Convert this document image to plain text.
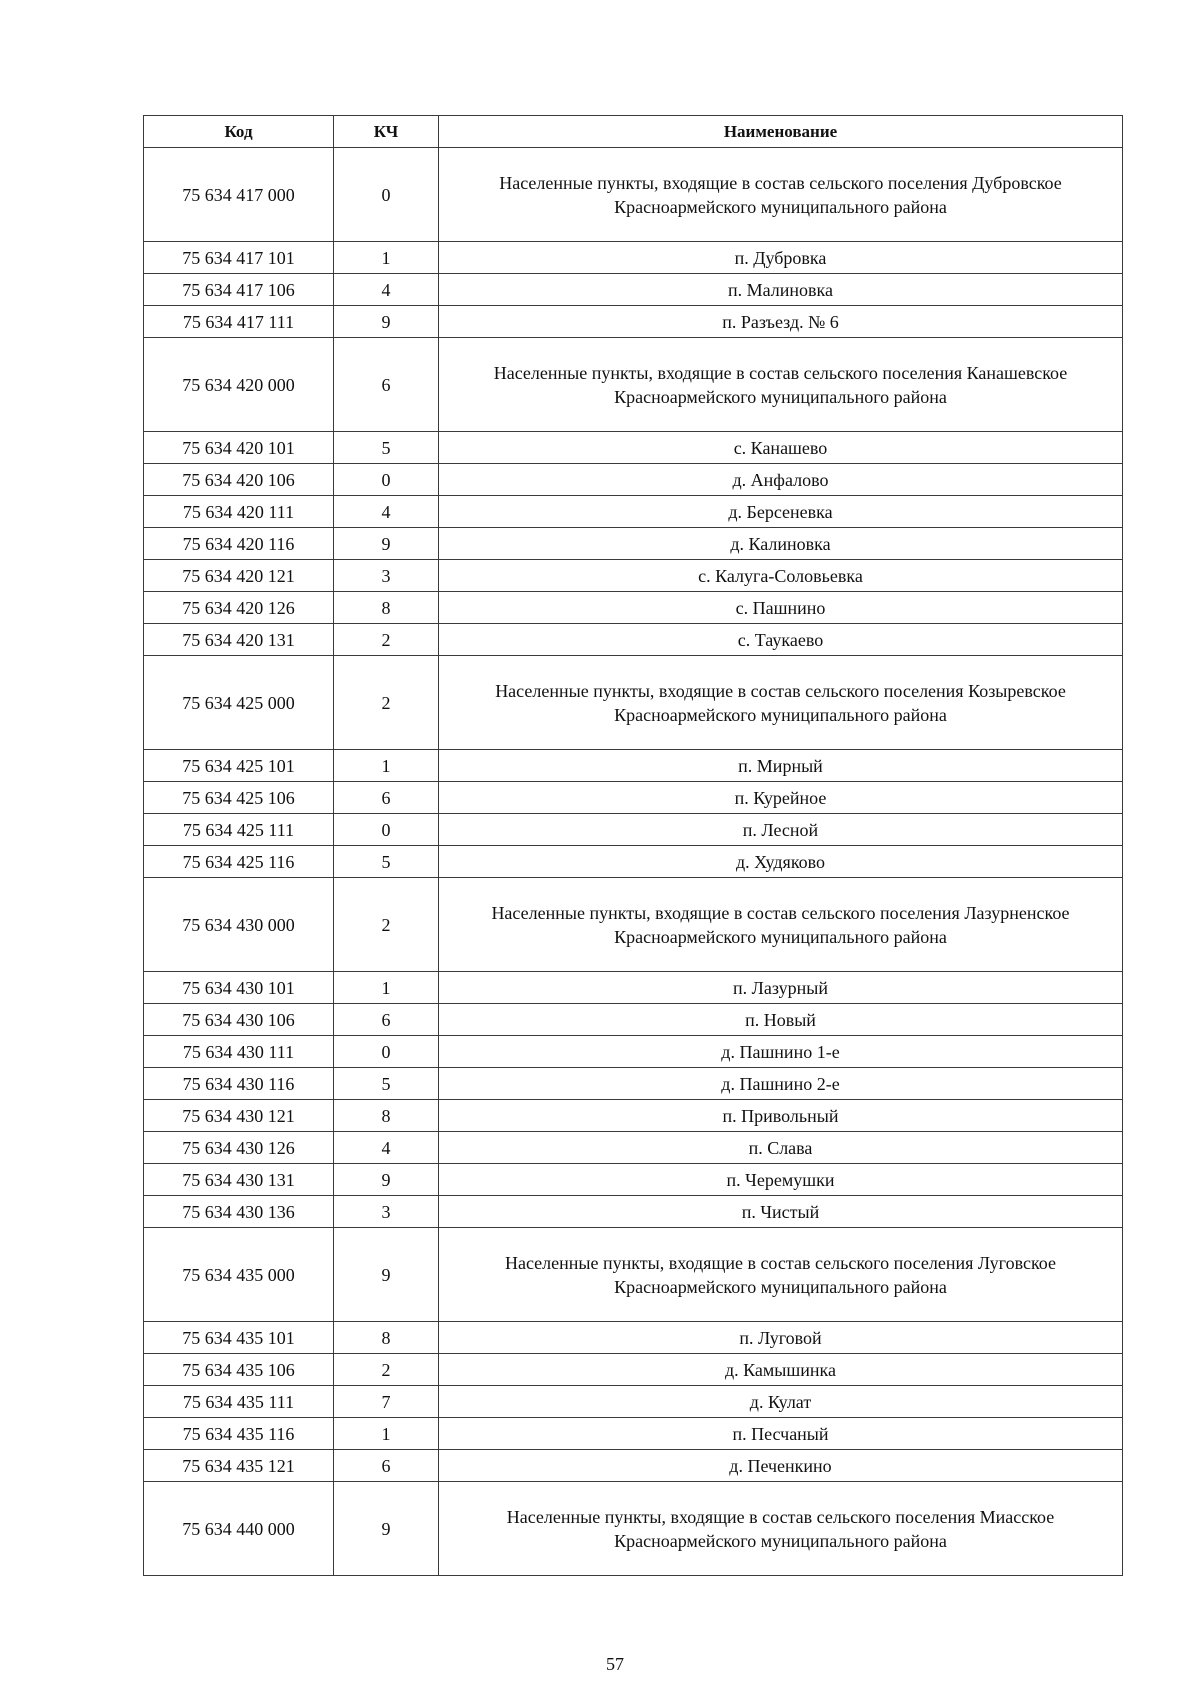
Код	КЧ	Наименование
75 634 417 000	0	Населенные пункты, входящие в состав сельского поселения Дубровское Красноармейского муниципального района
75 634 417 101	1	п. Дубровка
75 634 417 106	4	п. Малиновка
75 634 417 111	9	п. Разъезд. № 6
75 634 420 000	6	Населенные пункты, входящие в состав сельского поселения Канашевское Красноармейского муниципального района
75 634 420 101	5	с. Канашево
75 634 420 106	0	д. Анфалово
75 634 420 111	4	д. Берсеневка
75 634 420 116	9	д. Калиновка
75 634 420 121	3	с. Калуга-Соловьевка
75 634 420 126	8	с. Пашнино
75 634 420 131	2	с. Таукаево
75 634 425 000	2	Населенные пункты, входящие в состав сельского поселения Козыревское Красноармейского муниципального района
75 634 425 101	1	п. Мирный
75 634 425 106	6	п. Курейное
75 634 425 111	0	п. Лесной
75 634 425 116	5	д. Худяково
75 634 430 000	2	Населенные пункты, входящие в состав сельского поселения Лазурненское Красноармейского муниципального района
75 634 430 101	1	п. Лазурный
75 634 430 106	6	п. Новый
75 634 430 111	0	д. Пашнино 1-е
75 634 430 116	5	д. Пашнино 2-е
75 634 430 121	8	п. Привольный
75 634 430 126	4	п. Слава
75 634 430 131	9	п. Черемушки
75 634 430 136	3	п. Чистый
75 634 435 000	9	Населенные пункты, входящие в состав сельского поселения Луговское Красноармейского муниципального района
75 634 435 101	8	п. Луговой
75 634 435 106	2	д. Камышинка
75 634 435 111	7	д. Кулат
75 634 435 116	1	п. Песчаный
75 634 435 121	6	д. Печенкино
75 634 440 000	9	Населенные пункты, входящие в состав сельского поселения Миасское Красноармейского муниципального района
57
